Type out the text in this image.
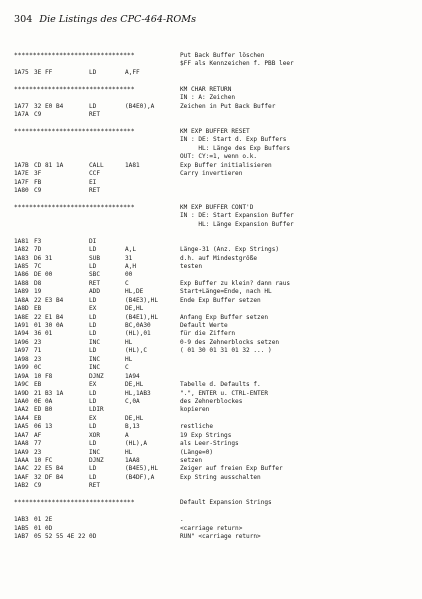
304 Die Listings des CPC-464-ROMs
********************************	Put Back Buffer löschen
$FF als Kennzeichen f. PBB leer
1A75 3E FF	LD	A,FF
********************************	KM CHAR RETURN
IN : A: Zeichen
1A77 32 E0 B4	LD	(B4E0),A	Zeichen in Put Back Buffer
1A7A C9	RET
********************************	KM EXP BUFFER RESET
IN : DE: Start d. Exp Buffers
HL: Länge des Exp Buffers
OUT: CY:=1, wenn o.k.
1A7B CD 81 1A	CALL	1A81	Exp Buffer initialisieren
1A7E 3F	CCF	Carry invertieren
1A7F FB	EI
1A80 C9	RET
********************************	KM EXP BUFFER CONT'D
IN : DE: Start Expansion Buffer
HL: Länge Expansion Buffer
1A81 F3	DI
1A82 7D	LD	A,L	Länge-31 (Anz. Exp Strings)
1A83 D6 31	SUB	31	d.h. auf Mindestgröße
1A85 7C	LD	A,H	testen
1A86 DE 00	SBC	00
1A88 D8	RET	C	Exp Buffer zu klein? dann raus
1A89 19	ADD	HL,DE	Start+Länge=Ende, nach HL
1A8A 22 E3 B4	LD	(B4E3),HL	Ende Exp Buffer setzen
1A8D EB	EX	DE,HL
1A8E 22 E1 B4	LD	(B4E1),HL	Anfang Exp Buffer setzen
1A91 01 30 0A	LD	BC,0A30	Default Werte
1A94 36 01	LD	(HL),01	für die Ziffern
1A96 23	INC	HL	0-9 des Zehnerblocks setzen
1A97 71	LD	(HL),C	( 01 30 01 31 01 32 ... )
1A98 23	INC	HL
1A99 0C	INC	C
1A9A 10 F8	DJNZ	1A94
1A9C EB	EX	DE,HL	Tabelle d. Defaults f.
1A9D 21 B3 1A	LD	HL,1AB3	".", ENTER u. CTRL-ENTER
1AA0 0E 0A	LD	C,0A	des Zehnerblockes
1AA2 ED B0	LDIR	kopieren
1AA4 EB	EX	DE,HL
1AA5 06 13	LD	B,13	restliche
1AA7 AF	XOR	A	19 Exp Strings
1AA8 77	LD	(HL),A	als Leer-Strings
1AA9 23	INC	HL	(Länge=0)
1AAA 10 FC	DJNZ	1AA8	setzen
1AAC 22 E5 B4	LD	(B4E5),HL	Zeiger auf freien Exp Buffer
1AAF 32 DF B4	LD	(B4DF),A	Exp String ausschalten
1AB2 C9	RET
********************************	Default Expansion Strings
1AB3 01 2E	.
1AB5 01 0D	<carriage return>
1AB7 05 52 55 4E 22 0D	RUN" <carriage return>
